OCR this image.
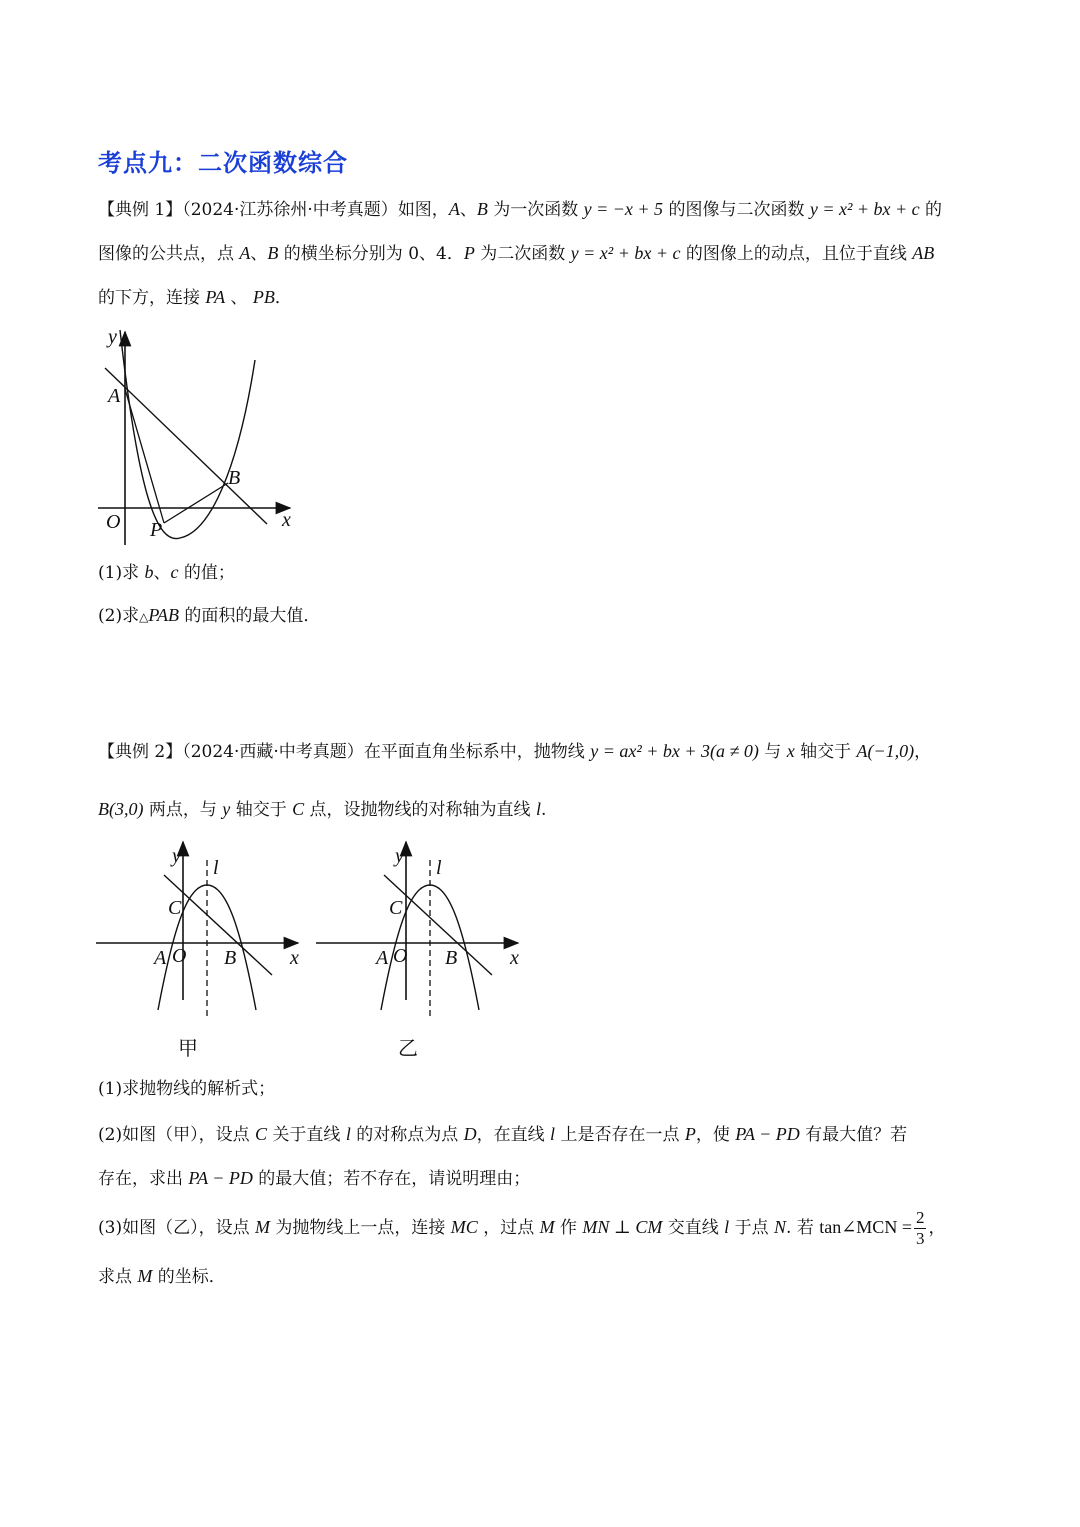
考点九：二次函数综合
【典例 1】（2024·江苏徐州·中考真题）如图，A、B 为一次函数 y = −x + 5 的图像与二次函数 y = x² + bx + c 的
图像的公共点，点 A、B 的横坐标分别为 0、4．P 为二次函数 y = x² + bx + c 的图像上的动点，且位于直线 AB
的下方，连接 PA 、 PB．
y
A
B
O P	x
(1)求 b、c 的值；
(2)求△PAB 的面积的最大值．
【典例 2】（2024·西藏·中考真题）在平面直角坐标系中，抛物线 y = ax² + bx + 3(a ≠ 0) 与 x 轴交于 A(−1,0)，
B(3,0) 两点，与 y 轴交于 C 点，设抛物线的对称轴为直线 l.
y
l
C
A O B	x
甲
y
l
C
A O B	x
乙
(1)求抛物线的解析式；
(2)如图（甲），设点 C 关于直线 l 的对称点为点 D，在直线 l 上是否存在一点 P，使 PA − PD 有最大值？若
存在，求出 PA − PD 的最大值；若不存在，请说明理由；
(3)如图（乙），设点 M 为抛物线上一点，连接 MC ，过点 M 作 MN ⊥ CM 交直线 l 于点 N. 若 tan∠MCN = $\frac{2}{3}$ ，
求点 M 的坐标．
